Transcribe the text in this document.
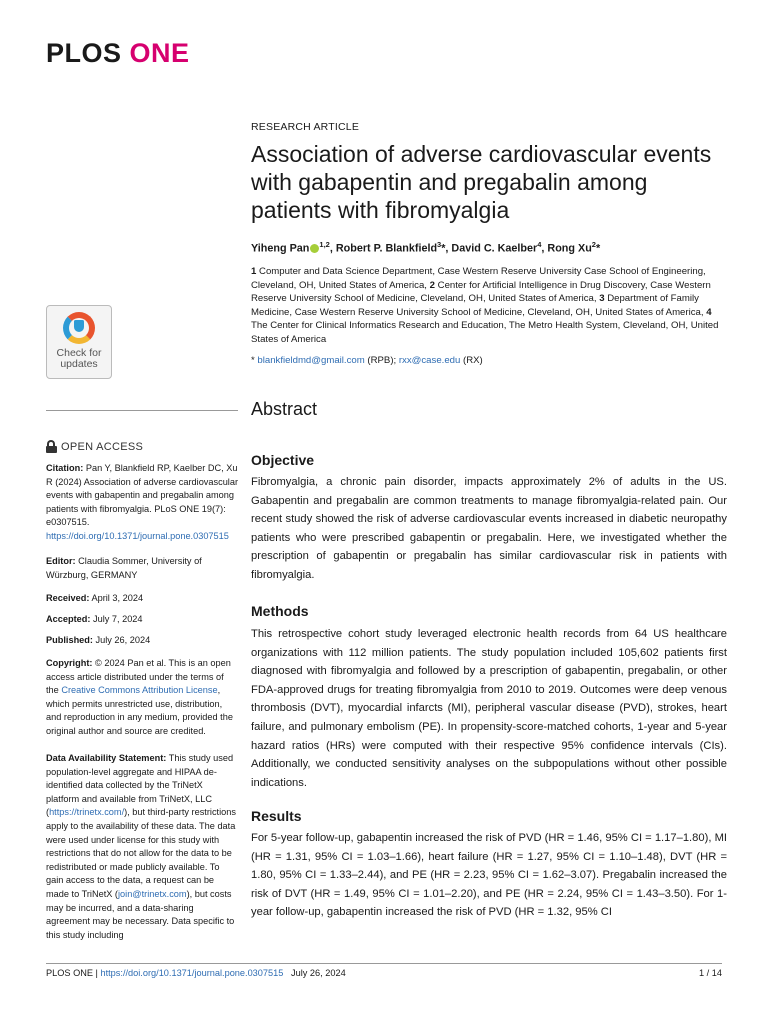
PLOS ONE
Check for
updates
OPEN ACCESS
Citation: Pan Y, Blankfield RP, Kaelber DC, Xu R (2024) Association of adverse cardiovascular events with gabapentin and pregabalin among patients with fibromyalgia. PLoS ONE 19(7): e0307515. https://doi.org/10.1371/journal.pone.0307515
Editor: Claudia Sommer, University of Würzburg, GERMANY
Received: April 3, 2024
Accepted: July 7, 2024
Published: July 26, 2024
Copyright: © 2024 Pan et al. This is an open access article distributed under the terms of the Creative Commons Attribution License, which permits unrestricted use, distribution, and reproduction in any medium, provided the original author and source are credited.
Data Availability Statement: This study used population-level aggregate and HIPAA de-identified data collected by the TriNetX platform and available from TriNetX, LLC (https://trinetx.com/), but third-party restrictions apply to the availability of these data. The data were used under license for this study with restrictions that do not allow for the data to be redistributed or made publicly available. To gain access to the data, a request can be made to TriNetX (join@trinetx.com), but costs may be incurred, and a data-sharing agreement may be necessary. Data specific to this study including
RESEARCH ARTICLE
Association of adverse cardiovascular events with gabapentin and pregabalin among patients with fibromyalgia
Yiheng Pan $^{1,2}$, Robert P. Blankfield$^3$*, David C. Kaelber$^4$, Rong Xu$^2$*
1 Computer and Data Science Department, Case Western Reserve University Case School of Engineering, Cleveland, OH, United States of America, 2 Center for Artificial Intelligence in Drug Discovery, Case Western Reserve University School of Medicine, Cleveland, OH, United States of America, 3 Department of Family Medicine, Case Western Reserve University School of Medicine, Cleveland, OH, United States of America, 4 The Center for Clinical Informatics Research and Education, The Metro Health System, Cleveland, OH, United States of America
* blankfieldmd@gmail.com (RPB); rxx@case.edu (RX)
Abstract
Objective

Fibromyalgia, a chronic pain disorder, impacts approximately 2% of adults in the US. Gabapentin and pregabalin are common treatments to manage fibromyalgia-related pain. Our recent study showed the risk of adverse cardiovascular events increased in diabetic neuropathy patients who were prescribed gabapentin or pregabalin. Here, we investigated whether the prescription of gabapentin or pregabalin has similar cardiovascular risk in patients with fibromyalgia.

Methods

This retrospective cohort study leveraged electronic health records from 64 US healthcare organizations with 112 million patients. The study population included 105,602 patients first diagnosed with fibromyalgia and followed by a prescription of gabapentin, pregabalin, or other FDA-approved drugs for treating fibromyalgia from 2010 to 2019. Outcomes were deep venous thrombosis (DVT), myocardial infarcts (MI), peripheral vascular disease (PVD), strokes, heart failure, and pulmonary embolism (PE). In propensity-score-matched cohorts, 1-year and 5-year hazard ratios (HRs) were computed with their respective 95% confidence intervals (CIs). Additionally, we conducted sensitivity analyses on the subpopulations without other possible indications.

Results

For 5-year follow-up, gabapentin increased the risk of PVD (HR = 1.46, 95% CI = 1.17–1.80), MI (HR = 1.31, 95% CI = 1.03–1.66), heart failure (HR = 1.27, 95% CI = 1.10–1.48), DVT (HR = 1.80, 95% CI = 1.33–2.44), and PE (HR = 2.23, 95% CI = 1.62–3.07). Pregabalin increased the risk of DVT (HR = 1.49, 95% CI = 1.01–2.20), and PE (HR = 2.24, 95% CI = 1.43–3.50). For 1-year follow-up, gabapentin increased the risk of PVD (HR = 1.32, 95% CI

PLOS ONE | https://doi.org/10.1371/journal.pone.0307515 July 26, 2024	1 / 14
